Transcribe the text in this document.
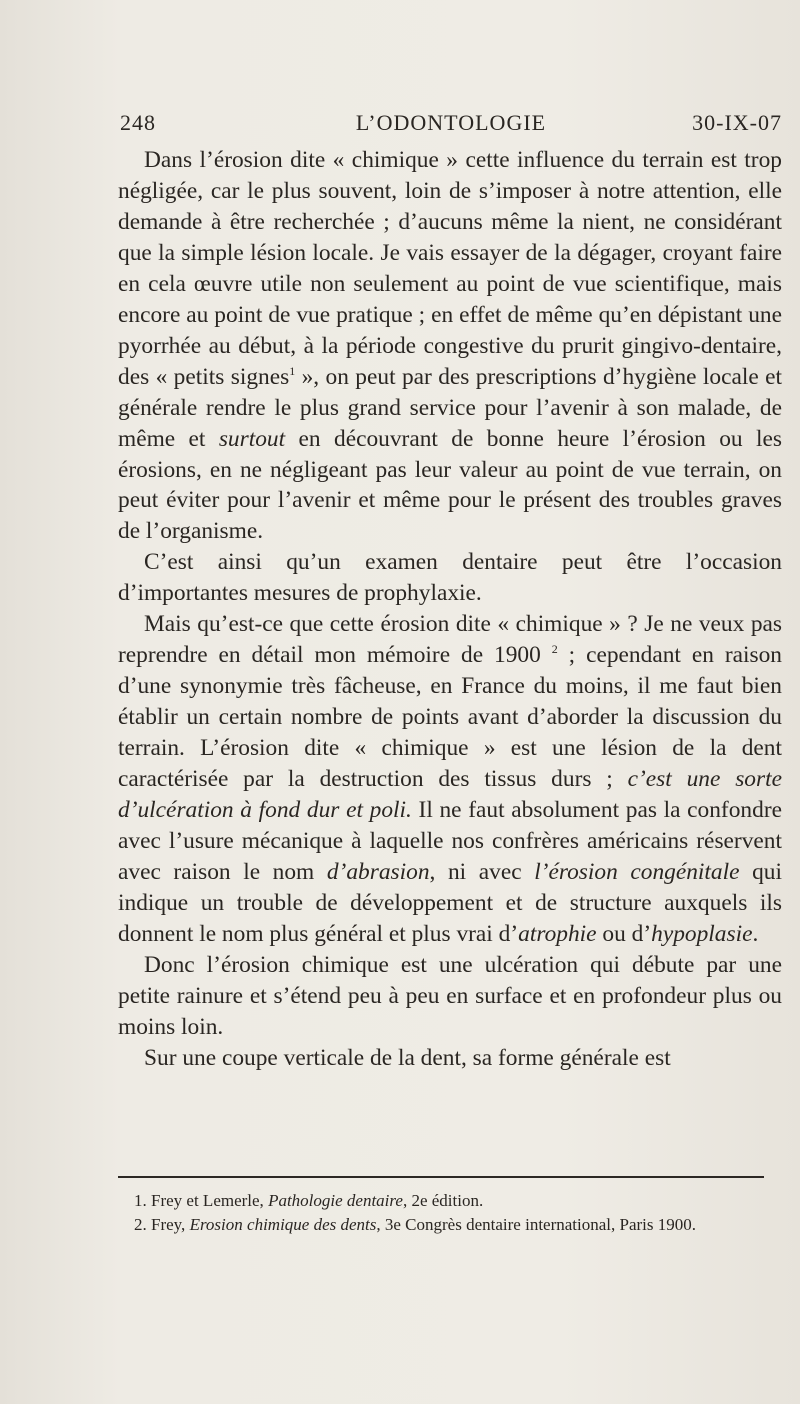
248	L’ODONTOLOGIE	30-IX-07

Dans l’érosion dite « chimique » cette influence du terrain est trop négligée, car le plus souvent, loin de s’imposer à notre attention, elle demande à être recherchée ; d’aucuns même la nient, ne considérant que la simple lésion locale. Je vais essayer de la dégager, croyant faire en cela œuvre utile non seulement au point de vue scientifique, mais encore au point de vue pratique ; en effet de même qu’en dépistant une pyorrhée au début, à la période congestive du prurit gingivo-dentaire, des « petits signes$^1$ », on peut par des prescriptions d’hygiène locale et générale rendre le plus grand service pour l’avenir à son malade, de même et surtout en découvrant de bonne heure l’érosion ou les érosions, en ne négligeant pas leur valeur au point de vue terrain, on peut éviter pour l’avenir et même pour le présent des troubles graves de l’organisme.

C’est ainsi qu’un examen dentaire peut être l’occasion d’importantes mesures de prophylaxie.

Mais qu’est-ce que cette érosion dite « chimique » ? Je ne veux pas reprendre en détail mon mémoire de 1900 $^2$ ; cependant en raison d’une synonymie très fâcheuse, en France du moins, il me faut bien établir un certain nombre de points avant d’aborder la discussion du terrain. L’érosion dite « chimique » est une lésion de la dent caractérisée par la destruction des tissus durs ; c’est une sorte d’ulcération à fond dur et poli. Il ne faut absolument pas la confondre avec l’usure mécanique à laquelle nos confrères américains réservent avec raison le nom d’abrasion, ni avec l’érosion congénitale qui indique un trouble de développement et de structure auxquels ils donnent le nom plus général et plus vrai d’atrophie ou d’hypoplasie.

Donc l’érosion chimique est une ulcération qui débute par une petite rainure et s’étend peu à peu en surface et en profondeur plus ou moins loin.

Sur une coupe verticale de la dent, sa forme générale est

1. Frey et Lemerle, Pathologie dentaire, 2e édition.

2. Frey, Erosion chimique des dents, 3e Congrès dentaire international, Paris 1900.
